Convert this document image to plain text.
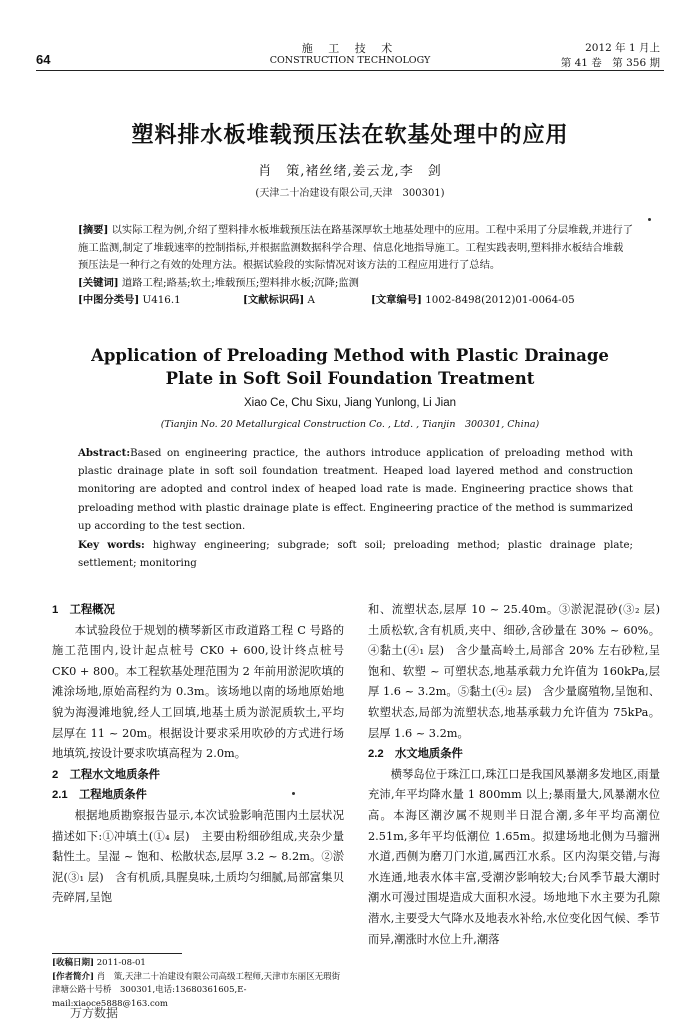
64
施 工 技 术
CONSTRUCTION TECHNOLOGY
2012 年 1 月上
第 41 卷　第 356 期
塑料排水板堆载预压法在软基处理中的应用
肖　策,褚丝绪,姜云龙,李　剑
(天津二十冶建设有限公司,天津　300301)

[摘要] 以实际工程为例,介绍了塑料排水板堆载预压法在路基深厚软土地基处理中的应用。工程中采用了分层堆载,并进行了施工监测,制定了堆载速率的控制指标,并根据监测数据科学合理、信息化地指导施工。工程实践表明,塑料排水板结合堆载预压法是一种行之有效的处理方法。根据试验段的实际情况对该方法的工程应用进行了总结。

[关键词] 道路工程;路基;软土;堆载预压;塑料排水板;沉降;监测

[中图分类号] U416.1	[文献标识码] A	[文章编号] 1002-8498(2012)01-0064-05

Application of Preloading Method with Plastic Drainage
Plate in Soft Soil Foundation Treatment
Xiao Ce, Chu Sixu, Jiang Yunlong, Li Jian
(Tianjin No. 20 Metallurgical Construction Co. , Ltd. , Tianjin　300301, China)

Abstract:Based on engineering practice, the authors introduce application of preloading method with plastic drainage plate in soft soil foundation treatment. Heaped load layered method and construction monitoring are adopted and control index of heaped load rate is made. Engineering practice shows that preloading method with plastic drainage plate is effect. Engineering practice of the method is summarized up according to the test section.

Key words: highway engineering; subgrade; soft soil; preloading method; plastic drainage plate; settlement; monitoring

1　工程概况

本试验段位于规划的横琴新区市政道路工程 C 号路的施工范围内,设计起点桩号 CK0 + 600,设计终点桩号 CK0 + 800。本工程软基处理范围为 2 年前用淤泥吹填的滩涂场地,原始高程约为 0.3m。该场地以南的场地原始地貌为海漫滩地貌,经人工回填,地基土质为淤泥质软土,平均层厚在 11 ~ 20m。根据设计要求采用吹砂的方式进行场地填筑,按设计要求吹填高程为 2.0m。

2　工程水文地质条件

2.1　工程地质条件

根据地质勘察报告显示,本次试验影响范围内土层状况描述如下:①冲填土(①₄ 层)　主要由粉细砂组成,夹杂少量黏性土。呈湿 ~ 饱和、松散状态,层厚 3.2 ~ 8.2m。②淤泥(③₁ 层)　含有机质,具腥臭味,土质均匀细腻,局部富集贝壳碎屑,呈饱

和、流塑状态,层厚 10 ~ 25.40m。③淤泥混砂(③₂ 层)　土质松软,含有机质,夹中、细砂,含砂量在 30% ~ 60%。④黏土(④₁ 层)　含少量高岭土,局部含 20% 左右砂粒,呈饱和、软塑 ~ 可塑状态,地基承载力允许值为 160kPa,层厚 1.6 ~ 3.2m。⑤黏土(④₂ 层)　含少量腐殖物,呈饱和、软塑状态,局部为流塑状态,地基承载力允许值为 75kPa。层厚 1.6 ~ 3.2m。

2.2　水文地质条件

横琴岛位于珠江口,珠江口是我国风暴潮多发地区,雨量充沛,年平均降水量 1 800mm 以上;暴雨量大,风暴潮水位高。本海区潮汐属不规则半日混合潮,多年平均高潮位 2.51m,多年平均低潮位 1.65m。拟建场地北侧为马骝洲水道,西侧为磨刀门水道,属西江水系。区内沟渠交错,与海水连通,地表水体丰富,受潮汐影响较大;台风季节最大潮时潮水可漫过围堤造成大面积水浸。场地地下水主要为孔隙潜水,主要受大气降水及地表水补给,水位变化因气候、季节而异,潮涨时水位上升,潮落

[收稿日期] 2011-08-01

[作者简介] 肖　策,天津二十冶建设有限公司高级工程师,天津市东丽区无瑕街津塘公路十号桥　300301,电话:13680361605,E-mail:xiaoce5888@163.com

万方数据
